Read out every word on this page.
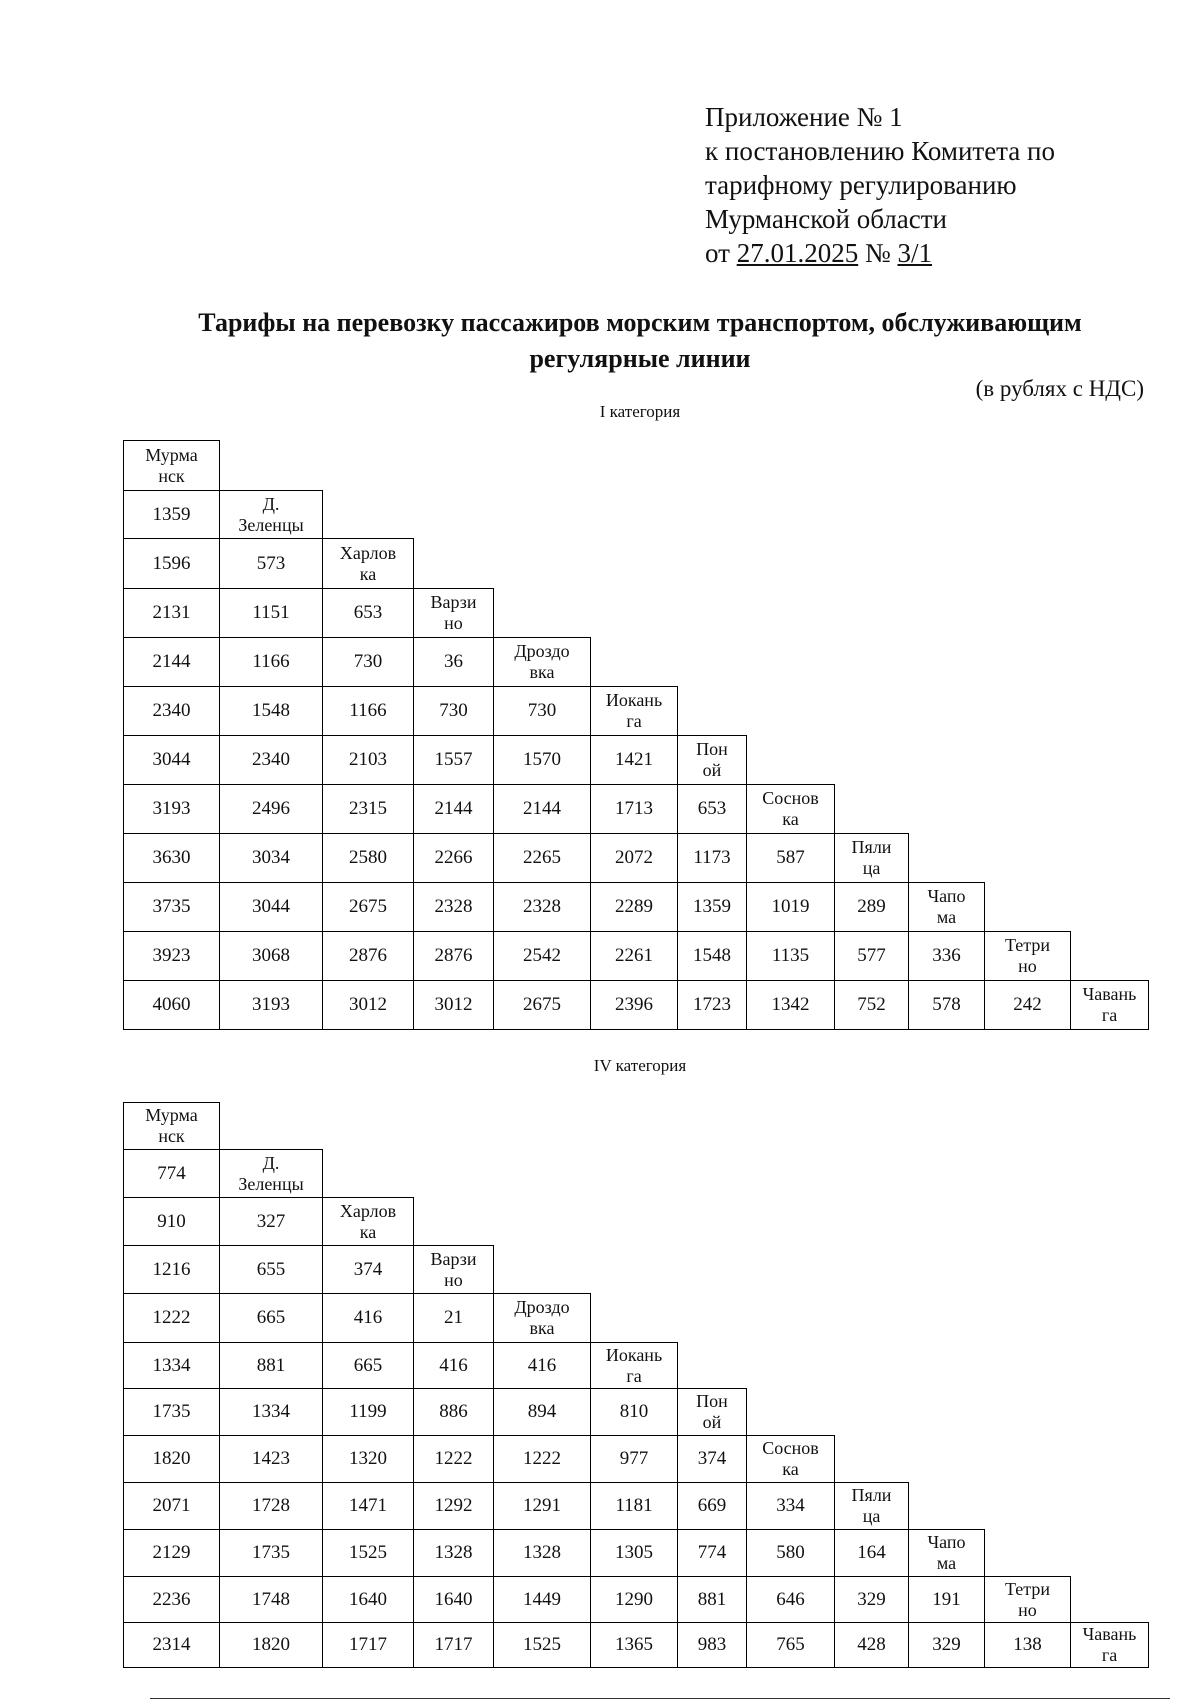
Приложение № 1
к постановлению Комитета по
тарифному регулированию
Мурманской области
от 27.01.2025 № 3/1
Тарифы на перевозку пассажиров морским транспортом, обслуживающим
регулярные линии
(в рублях с НДС)
I категория
Мурма
нск
1359	Д.
Зеленцы
1596	573	Харлов
ка
2131	1151	653	Варзи
но
2144	1166	730	36	Дроздо
вка
2340	1548	1166	730	730	Иокань
га
3044	2340	2103	1557	1570	1421	Пон
ой
3193	2496	2315	2144	2144	1713	653	Соснов
ка
3630	3034	2580	2266	2265	2072	1173	587	Пяли
ца
3735	3044	2675	2328	2328	2289	1359	1019	289	Чапо
ма
3923	3068	2876	2876	2542	2261	1548	1135	577	336	Тетри
но
4060	3193	3012	3012	2675	2396	1723	1342	752	578	242	Чавань
га
IV категория
Мурма
нск
774	Д.
Зеленцы
910	327	Харлов
ка
1216	655	374	Варзи
но
1222	665	416	21	Дроздо
вка
1334	881	665	416	416	Иокань
га
1735	1334	1199	886	894	810	Пон
ой
1820	1423	1320	1222	1222	977	374	Соснов
ка
2071	1728	1471	1292	1291	1181	669	334	Пяли
ца
2129	1735	1525	1328	1328	1305	774	580	164	Чапо
ма
2236	1748	1640	1640	1449	1290	881	646	329	191	Тетри
но
2314	1820	1717	1717	1525	1365	983	765	428	329	138	Чавань
га
